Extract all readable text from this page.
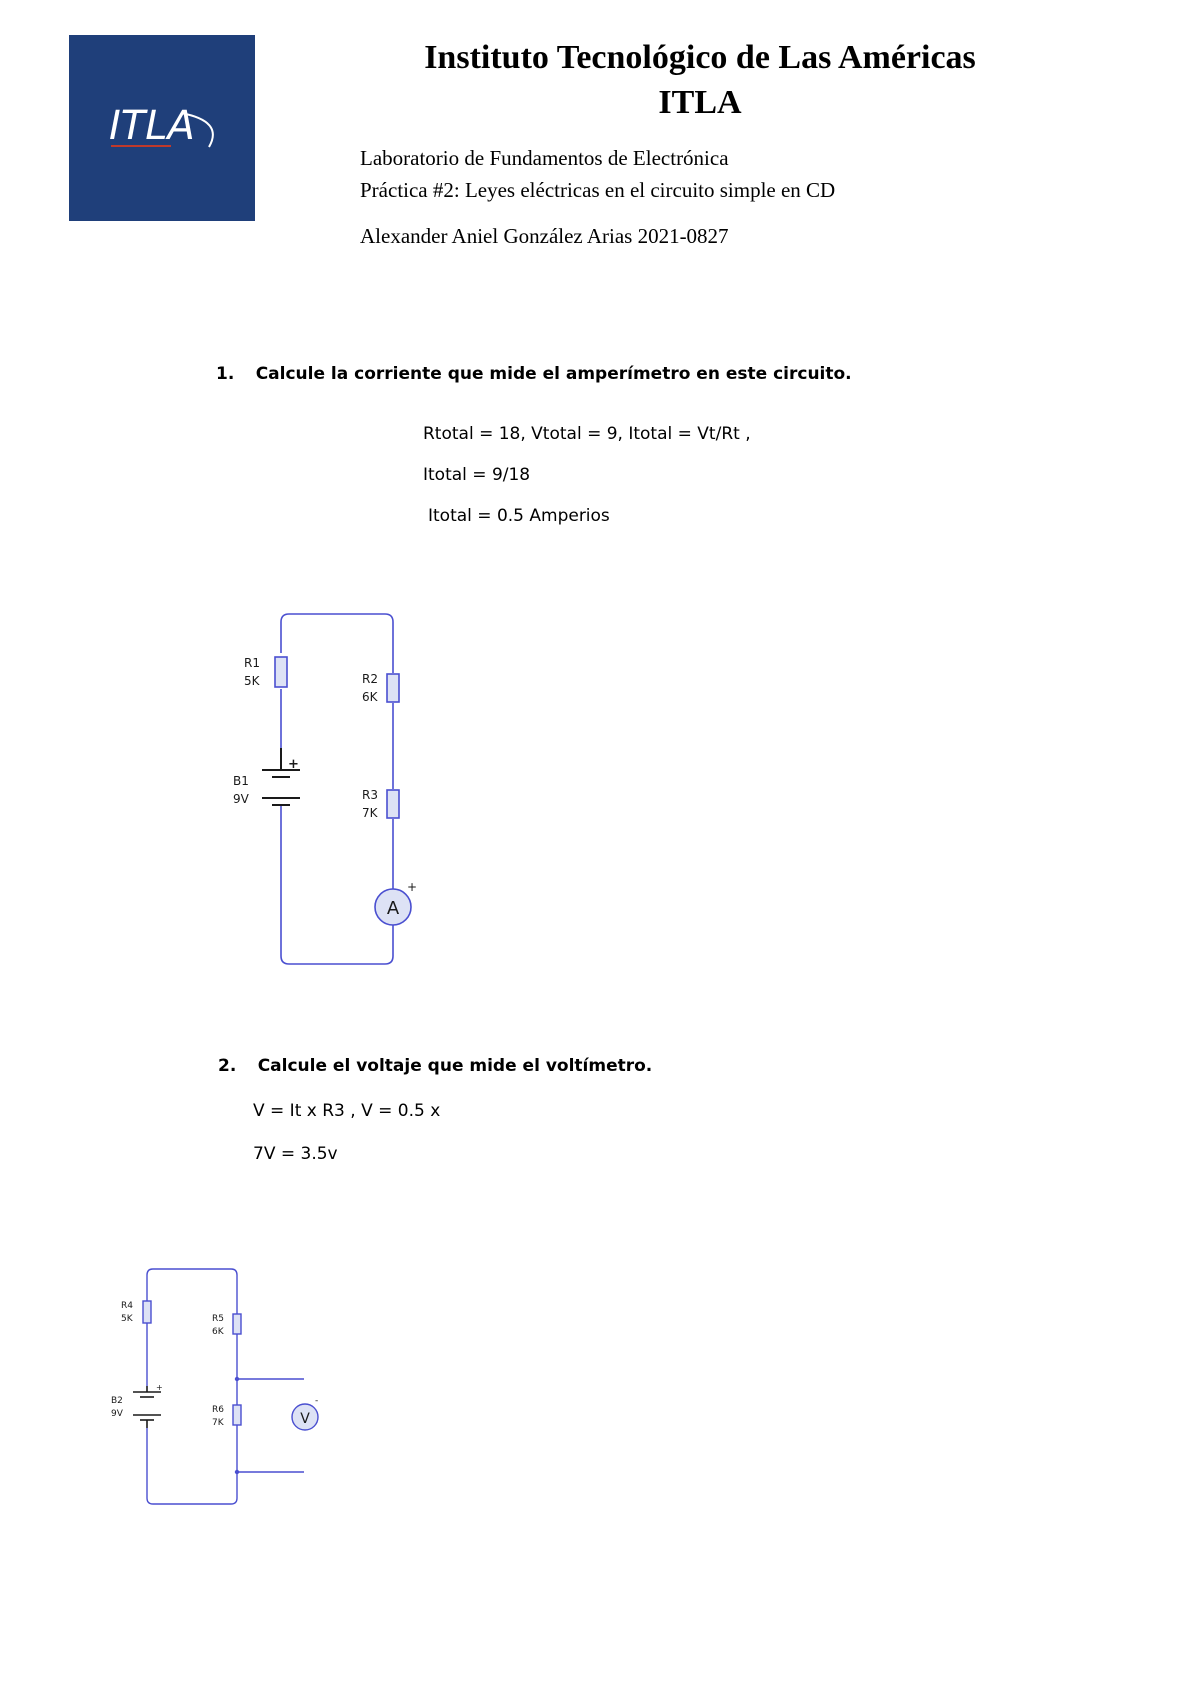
ITLA
Instituto Tecnológico de Las Américas
ITLA
Laboratorio de Fundamentos de Electrónica
Práctica #2: Leyes eléctricas en el circuito simple en CD
Alexander Aniel González Arias 2021-0827
1. Calcule la corriente que mide el amperímetro en este circuito.
Rtotal = 18, Vtotal = 9, Itotal = Vt/Rt ,
Itotal = 9/18
Itotal = 0.5 Amperios
A
+
R1
5K	R2
6K
R3
7K
B1
9V
+
2. Calcule el voltaje que mide el voltímetro.
V = It x R3 , V = 0.5 x
7V = 3.5v
V
-
R4
5K	R5
6K
R6
7K
B2
9V
+
